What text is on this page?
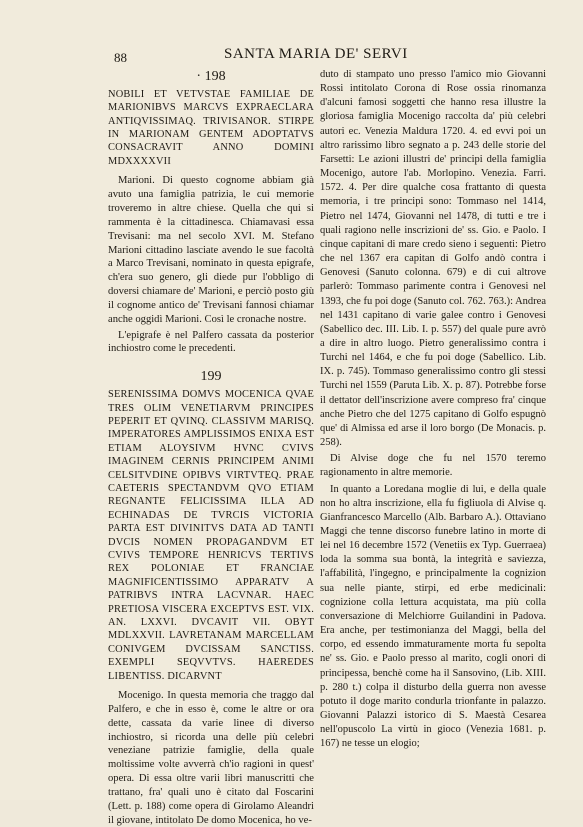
88	SANTA MARIA DE' SERVI
· 198
NOBILI ET VETVSTAE FAMILIAE DE MARIONIBVS MARCVS EXPRAECLARA ANTIQVISSIMAQ. TRIVISANOR. STIRPE IN MARIONAM GENTEM ADOPTATVS CONSACRAVIT ANNO DOMINI MDXXXXVII

Marioni. Di questo cognome abbiam già avuto una famiglia patrizia, le cui memorie troveremo in altre chiese. Quella che qui si rammenta è la cittadinesca. Chiamavasi essa Trevisani: ma nel secolo XVI. M. Stefano Marioni cittadino lasciate avendo le sue facoltà a Marco Trevisani, nominato in questa epigrafe, ch'era suo genero, gli diede pur l'obbligo di doversi chiamare de' Marioni, e perciò posto giù il cognome antico de' Trevisani fannosi chiamar anche oggidì Marioni. Così le cronache nostre.

L'epigrafe è nel Palfero cassata da posterior inchiostro come le precedenti.

199
SERENISSIMA DOMVS MOCENICA QVAE TRES OLIM VENETIARVM PRINCIPES PEPERIT ET QVINQ. CLASSIVM MARISQ. IMPERATORES AMPLISSIMOS ENIXA EST ETIAM ALOYSIVM HVNC CVIVS IMAGINEM CERNIS PRINCIPEM ANIMI CELSITVDINE OPIBVS VIRTVTEQ. PRAE CAETERIS SPECTANDVM QVO ETIAM REGNANTE FELICISSIMA ILLA AD ECHINADAS DE TVRCIS VICTORIA PARTA EST DIVINITVS DATA AD TANTI DVCIS NOMEN PROPAGANDVM ET CVIVS TEMPORE HENRICVS TERTIVS REX POLONIAE ET FRANCIAE MAGNIFICENTISSIMO APPARATV A PATRIBVS INTRA LACVNAR. HAEC PRETIOSA VISCERA EXCEPTVS EST. VIX. AN. LXXVI. DVCAVIT VII. OBYT MDLXXVII. LAVRETANAM MARCELLAM CONIVGEM DVCISSAM SANCTISS. EXEMPLI SEQVVTVS. HAEREDES LIBENTISS. DICARVNT

Mocenigo. In questa memoria che traggo dal Palfero, e che in esso è, come le altre or ora dette, cassata da varie linee di diverso inchiostro, si ricorda una delle più celebri veneziane patrizie famiglie, della quale moltissime volte avverrà ch'io ragioni in quest' opera. Di essa oltre varii libri manuscritti che trattano, fra' quali uno è citato dal Foscarini (Lett. p. 188) come opera di Girolamo Aleandri il giovane, intitolato De domo Mocenica, ho ve-

duto di stampato uno presso l'amico mio Giovanni Rossi intitolato Corona di Rose ossia rinomanza d'alcuni famosi soggetti che hanno resa illustre la gloriosa famiglia Mocenigo raccolta da' più celebri autori ec. Venezia Maldura 1720. 4. ed evvi poi un altro rarissimo libro segnato a p. 243 delle storie del Farsetti: Le azioni illustri de' principi della famiglia Mocenigo, autore l'ab. Morlopino. Venezia. Farri. 1572. 4. Per dire qualche cosa frattanto di questa memoria, i tre principi sono: Tommaso nel 1414, Pietro nel 1474, Giovanni nel 1478, di tutti e tre i quali ragiono nelle inscrizioni de' ss. Gio. e Paolo. I cinque capitani di mare credo sieno i seguenti: Pietro che nel 1367 era capitan di Golfo andò contra i Genovesi (Sanuto colonna. 679) e di cui altrove parlerò: Tommaso parimente contra i Genovesi nel 1393, che fu poi doge (Sanuto col. 762. 763.): Andrea nel 1431 capitano di varie galee contro i Genovesi (Sabellico dec. III. Lib. I. p. 557) del quale pure avrò a dire in altro luogo. Pietro generalissimo contra i Turchi nel 1464, e che fu poi doge (Sabellico. Lib. IX. p. 745). Tommaso generalissimo contro gli stessi Turchi nel 1559 (Paruta Lib. X. p. 87). Potrebbe forse il dettator dell'inscrizione avere compreso fra' cinque anche Pietro che del 1275 capitano di Golfo espugnò que' di Almissa ed arse il loro borgo (De Monacis. p. 258).

Di Alvise doge che fu nel 1570 teremo ragionamento in altre memorie.

In quanto a Loredana moglie di lui, e della quale non ho altra inscrizione, ella fu figliuola di Alvise q. Gianfrancesco Marcello (Alb. Barbaro A.). Ottaviano Maggi che tenne discorso funebre latino in morte di lei nel 16 decembre 1572 (Venetiis ex Typ. Guerraea) loda la somma sua bontà, la integrità e saviezza, l'affabilità, l'ingegno, e principalmente la cognizion sua nelle piante, stirpi, ed erbe medicinali: cognizione colla lettura acquistata, ma più colla conversazione di Melchiorre Guilandini in Padova. Era anche, per testimonianza del Maggi, bella del corpo, ed essendo immaturamente morta fu sepolta ne' ss. Gio. e Paolo presso al marito, cogli onori di principessa, benchè come ha il Sansovino, (Lib. XIII. p. 280 t.) colpa il disturbo della guerra non avesse potuto il doge marito condurla trionfante in palazzo. Giovanni Palazzi istorico di S. Maestà Cesarea nell'opuscolo La virtù in gioco (Venezia 1681. p. 167) ne tesse un elogio;
